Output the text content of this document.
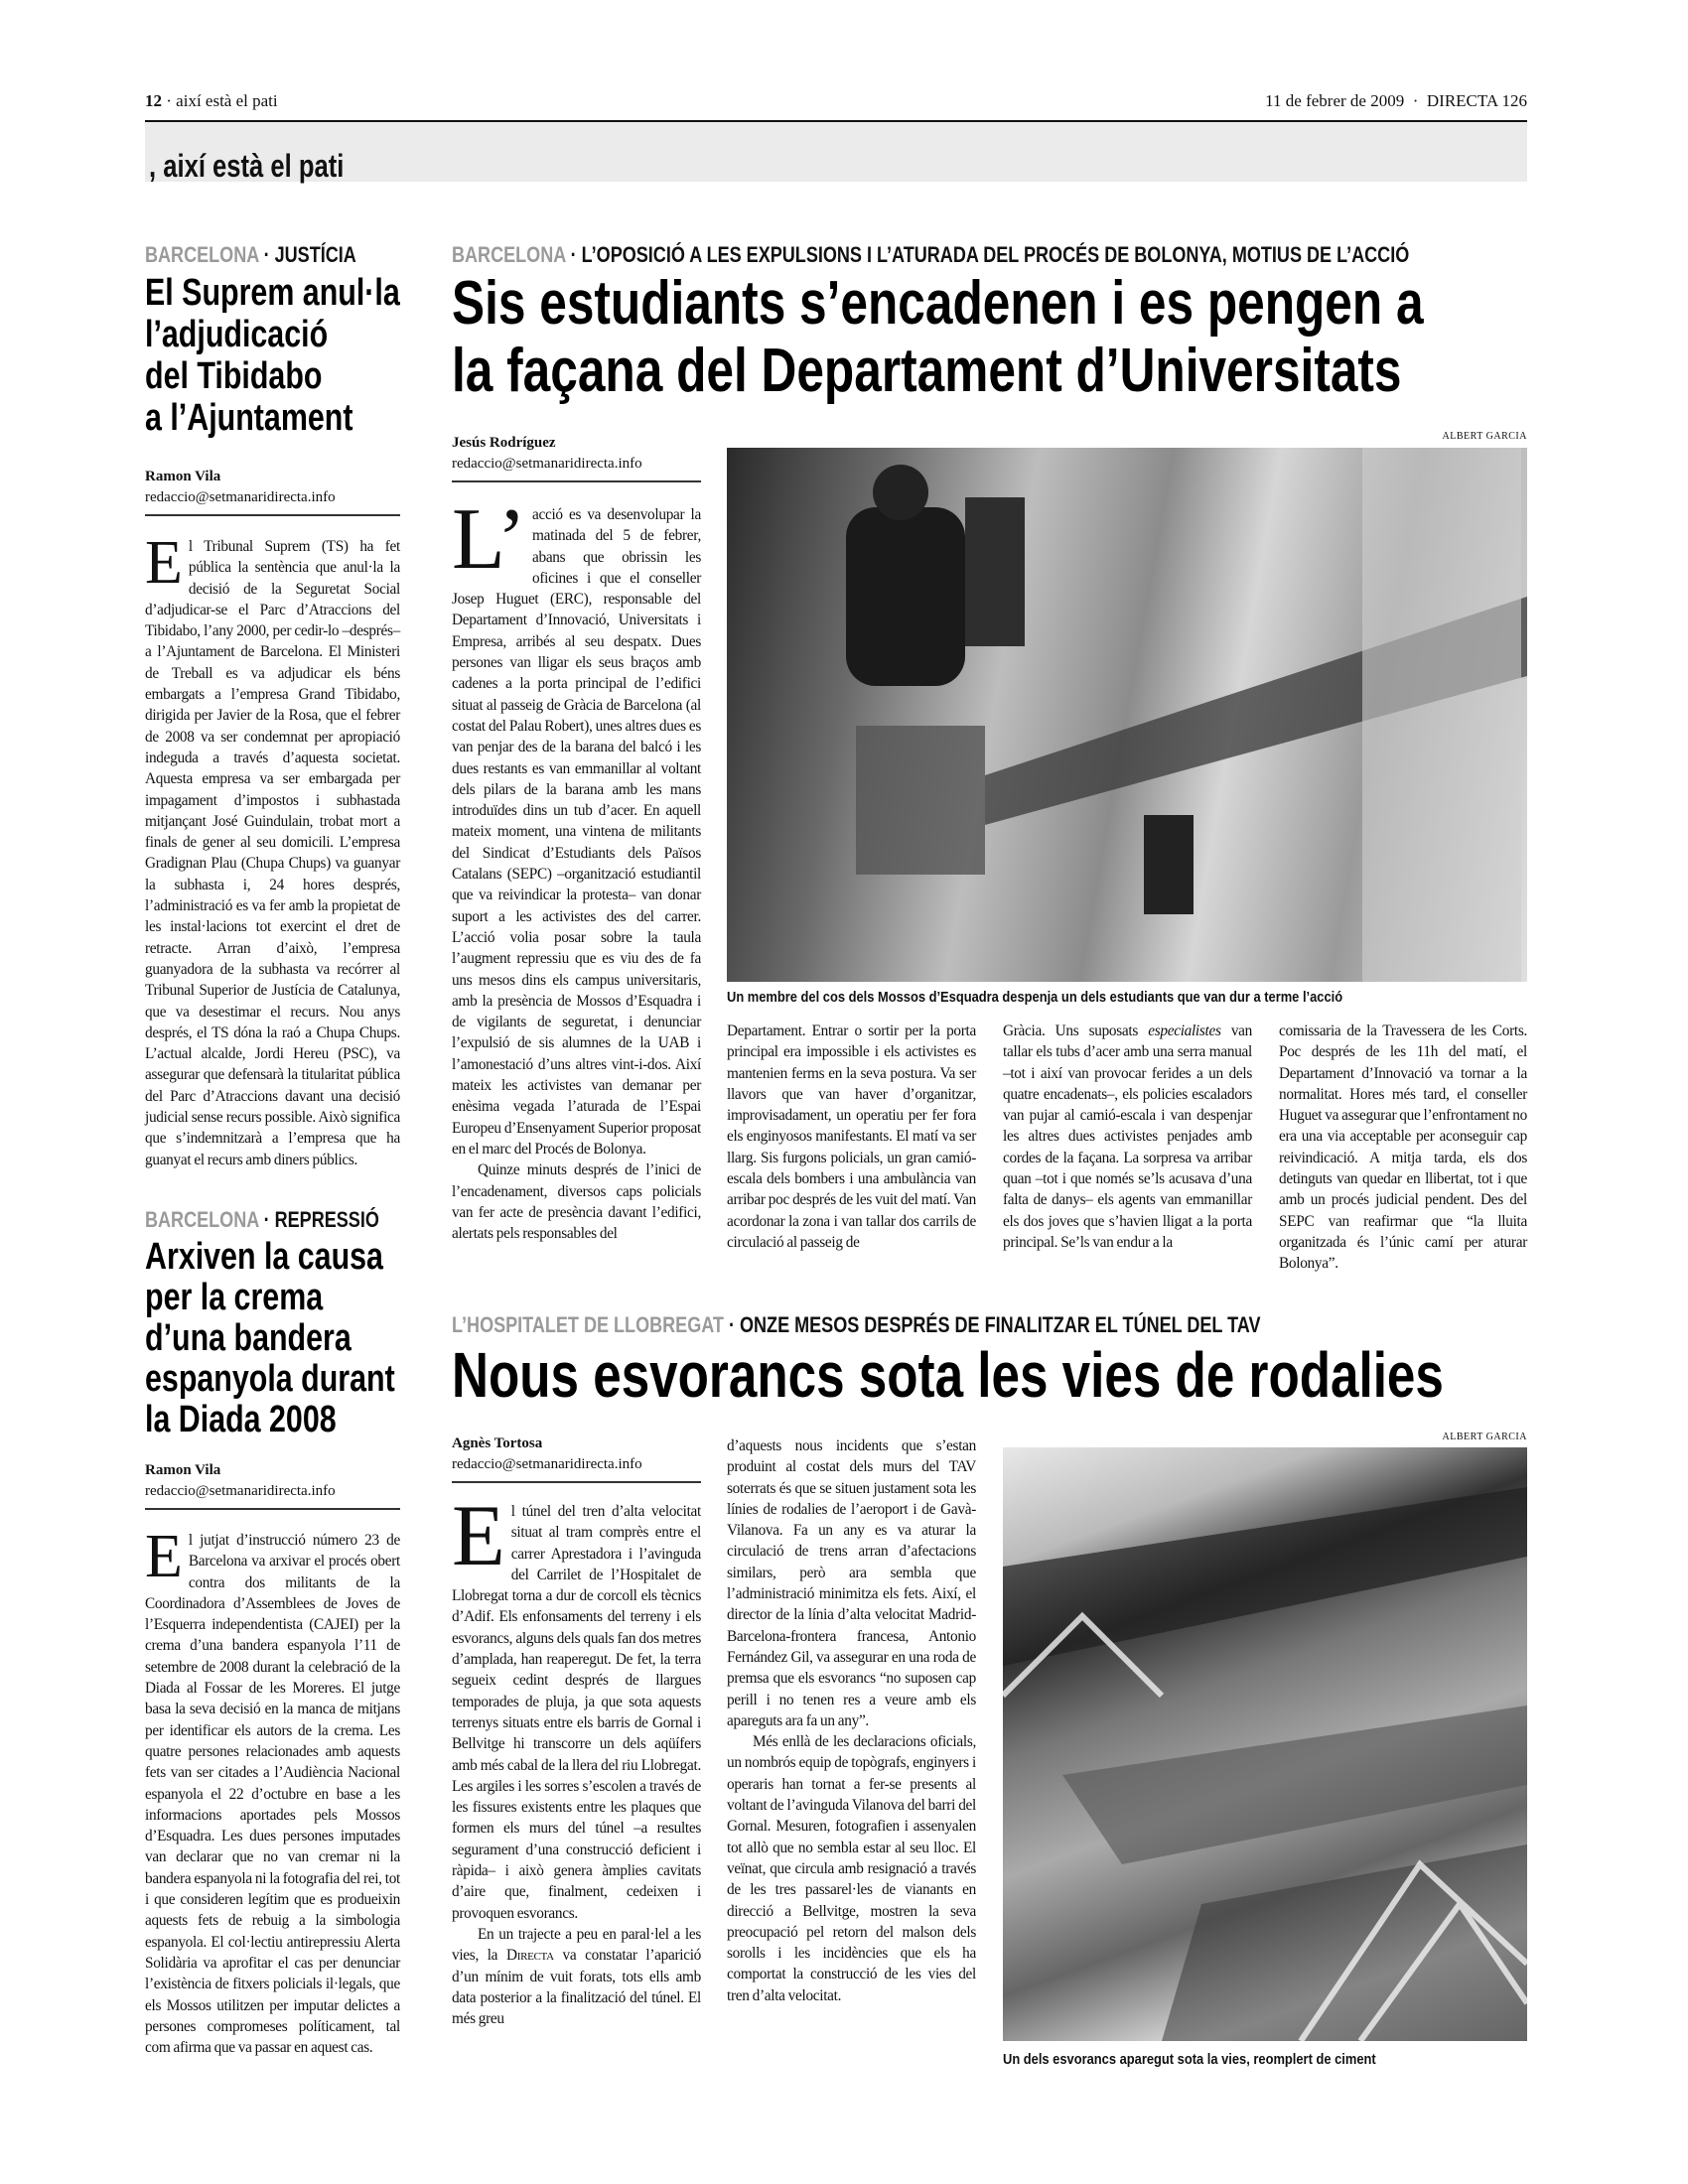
12 · així està el pati	11 de febrer de 2009 · DIRECTA 126
, així està el pati
BARCELONA · JUSTÍCIA
El Suprem anul·la
l’adjudicació
del Tibidabo
a l’Ajuntament
Ramon Vila
redaccio@setmanaridirecta.info

El Tribunal Suprem (TS) ha fet pública la sentència que anul·la la decisió de la Seguretat Social d’adjudicar-se el Parc d’Atraccions del Tibidabo, l’any 2000, per cedir-lo –després– a l’Ajuntament de Barcelona. El Ministeri de Treball es va adjudicar els béns embargats a l’empresa Grand Tibidabo, dirigida per Javier de la Rosa, que el febrer de 2008 va ser condemnat per apropiació indeguda a través d’aquesta societat. Aquesta empresa va ser embargada per impagament d’impostos i subhastada mitjançant José Guindulain, trobat mort a finals de gener al seu domicili. L’empresa Gradignan Plau (Chupa Chups) va guanyar la subhasta i, 24 hores després, l’administració es va fer amb la propietat de les instal·lacions tot exercint el dret de retracte. Arran d’això, l’empresa guanyadora de la subhasta va recórrer al Tribunal Superior de Justícia de Catalunya, que va desestimar el recurs. Nou anys després, el TS dóna la raó a Chupa Chups. L’actual alcalde, Jordi Hereu (PSC), va assegurar que defensarà la titularitat pública del Parc d’Atraccions davant una decisió judicial sense recurs possible. Això significa que s’indemnitzarà a l’empresa que ha guanyat el recurs amb diners públics.

BARCELONA · REPRESSIÓ
Arxiven la causa
per la crema
d’una bandera
espanyola durant
la Diada 2008
Ramon Vila
redaccio@setmanaridirecta.info

El jutjat d’instrucció número 23 de Barcelona va arxivar el procés obert contra dos militants de la Coordinadora d’Assemblees de Joves de l’Esquerra independentista (CAJEI) per la crema d’una bandera espanyola l’11 de setembre de 2008 durant la celebració de la Diada al Fossar de les Moreres. El jutge basa la seva decisió en la manca de mitjans per identificar els autors de la crema. Les quatre persones relacionades amb aquests fets van ser citades a l’Audiència Nacional espanyola el 22 d’octubre en base a les informacions aportades pels Mossos d’Esquadra. Les dues persones imputades van declarar que no van cremar ni la bandera espanyola ni la fotografia del rei, tot i que consideren legítim que es produeixin aquests fets de rebuig a la simbologia espanyola. El col·lectiu antirepressiu Alerta Solidària va aprofitar el cas per denunciar l’existència de fitxers policials il·legals, que els Mossos utilitzen per imputar delictes a persones compromeses políticament, tal com afirma que va passar en aquest cas.

BARCELONA · L’OPOSICIÓ A LES EXPULSIONS I L’ATURADA DEL PROCÉS DE BOLONYA, MOTIUS DE L’ACCIÓ
Sis estudiants s’encadenen i es pengen a
la façana del Departament d’Universitats
Jesús Rodríguez
redaccio@setmanaridirecta.info

L’ acció es va desenvolupar la matinada del 5 de febrer, abans que obrissin les oficines i que el conseller Josep Huguet (ERC), responsable del Departament d’Innovació, Universitats i Empresa, arribés al seu despatx. Dues persones van lligar els seus braços amb cadenes a la porta principal de l’edifici situat al passeig de Gràcia de Barcelona (al costat del Palau Robert), unes altres dues es van penjar des de la barana del balcó i les dues restants es van emmanillar al voltant dels pilars de la barana amb les mans introduïdes dins un tub d’acer. En aquell mateix moment, una vintena de militants del Sindicat d’Estudiants dels Països Catalans (SEPC) –organització estudiantil que va reivindicar la protesta– van donar suport a les activistes des del carrer. L’acció volia posar sobre la taula l’augment repressiu que es viu des de fa uns mesos dins els campus universitaris, amb la presència de Mossos d’Esquadra i de vigilants de seguretat, i denunciar l’expulsió de sis alumnes de la UAB i l’amonestació d’uns altres vint-i-dos. Així mateix les activistes van demanar per enèsima vegada l’aturada de l’Espai Europeu d’Ensenyament Superior proposat en el marc del Procés de Bolonya.

Quinze minuts després de l’inici de l’encadenament, diversos caps policials van fer acte de presència davant l’edifici, alertats pels responsables del

ALBERT GARCIA
Un membre del cos dels Mossos d’Esquadra despenja un dels estudiants que van dur a terme l’acció

Departament. Entrar o sortir per la porta principal era impossible i els activistes es mantenien ferms en la seva postura. Va ser llavors que van haver d’organitzar, improvisadament, un operatiu per fer fora els enginyosos manifestants. El matí va ser llarg. Sis furgons policials, un gran camió-escala dels bombers i una ambulància van arribar poc després de les vuit del matí. Van acordonar la zona i van tallar dos carrils de circulació al passeig de

Gràcia. Uns suposats especialistes van tallar els tubs d’acer amb una serra manual –tot i així van provocar ferides a un dels quatre encadenats–, els policies escaladors van pujar al camió-escala i van despenjar les altres dues activistes penjades amb cordes de la façana. La sorpresa va arribar quan –tot i que només se’ls acusava d’una falta de danys– els agents van emmanillar els dos joves que s’havien lligat a la porta principal. Se’ls van endur a la

comissaria de la Travessera de les Corts. Poc després de les 11h del matí, el Departament d’Innovació va tornar a la normalitat. Hores més tard, el conseller Huguet va assegurar que l’enfrontament no era una via acceptable per aconseguir cap reivindicació. A mitja tarda, els dos detinguts van quedar en llibertat, tot i que amb un procés judicial pendent. Des del SEPC van reafirmar que “la lluita organitzada és l’únic camí per aturar Bolonya”.

L’HOSPITALET DE LLOBREGAT · ONZE MESOS DESPRÉS DE FINALITZAR EL TÚNEL DEL TAV
Nous esvorancs sota les vies de rodalies
Agnès Tortosa
redaccio@setmanaridirecta.info

El túnel del tren d’alta velocitat situat al tram comprès entre el carrer Aprestadora i l’avinguda del Carrilet de l’Hospitalet de Llobregat torna a dur de corcoll els tècnics d’Adif. Els enfonsaments del terreny i els esvorancs, alguns dels quals fan dos metres d’amplada, han reaperegut. De fet, la terra segueix cedint després de llargues temporades de pluja, ja que sota aquests terrenys situats entre els barris de Gornal i Bellvitge hi transcorre un dels aqüífers amb més cabal de la llera del riu Llobregat. Les argiles i les sorres s’escolen a través de les fissures existents entre les plaques que formen els murs del túnel –a resultes segurament d’una construcció deficient i ràpida– i això genera àmplies cavitats d’aire que, finalment, cedeixen i provoquen esvorancs.

En un trajecte a peu en paral·lel a les vies, la Directa va constatar l’aparició d’un mínim de vuit forats, tots ells amb data posterior a la finalització del túnel. El més greu

d’aquests nous incidents que s’estan produint al costat dels murs del TAV soterrats és que se situen justament sota les línies de rodalies de l’aeroport i de Gavà-Vilanova. Fa un any es va aturar la circulació de trens arran d’afectacions similars, però ara sembla que l’administració minimitza els fets. Així, el director de la línia d’alta velocitat Madrid-Barcelona-frontera francesa, Antonio Fernández Gil, va assegurar en una roda de premsa que els esvorancs “no suposen cap perill i no tenen res a veure amb els apareguts ara fa un any”.

Més enllà de les declaracions oficials, un nombrós equip de topògrafs, enginyers i operaris han tornat a fer-se presents al voltant de l’avinguda Vilanova del barri del Gornal. Mesuren, fotografien i assenyalen tot allò que no sembla estar al seu lloc. El veïnat, que circula amb resignació a través de les tres passarel·les de vianants en direcció a Bellvitge, mostren la seva preocupació pel retorn del malson dels sorolls i les incidències que els ha comportat la construcció de les vies del tren d’alta velocitat.

ALBERT GARCIA
Un dels esvorancs aparegut sota la vies, reomplert de ciment
